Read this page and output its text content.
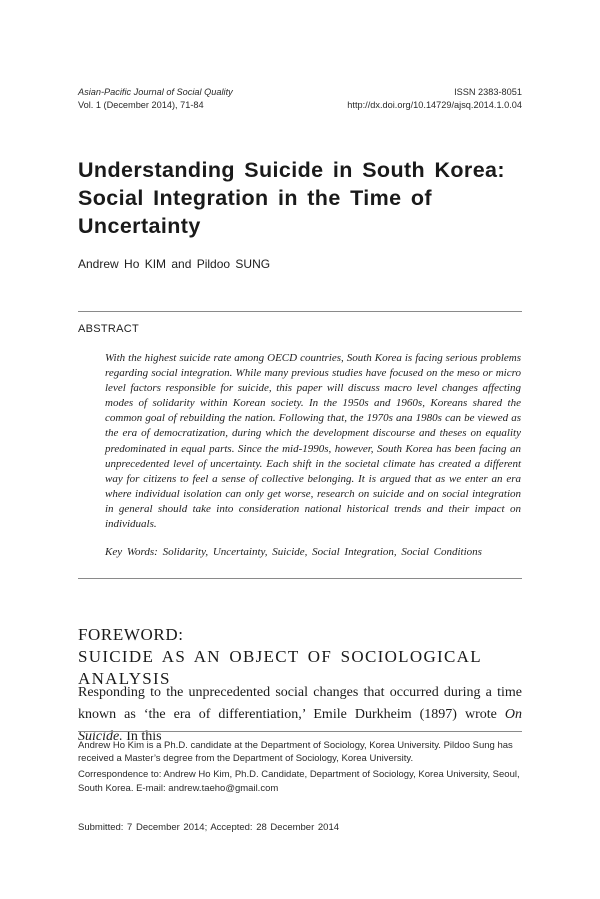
Asian-Pacific Journal of Social Quality
Vol. 1 (December 2014), 71-84
ISSN 2383-8051
http://dx.doi.org/10.14729/ajsq.2014.1.0.04
Understanding Suicide in South Korea:
Social Integration in the Time of
Uncertainty
Andrew Ho KIM and Pildoo SUNG
ABSTRACT
With the highest suicide rate among OECD countries, South Korea is facing serious problems regarding social integration. While many previous studies have focused on the meso or micro level factors responsible for suicide, this paper will discuss macro level changes affecting modes of solidarity within Korean society. In the 1950s and 1960s, Koreans shared the common goal of rebuilding the nation. Following that, the 1970s ana 1980s can be viewed as the era of democratization, during which the development discourse and theses on equality predominated in equal parts. Since the mid-1990s, however, South Korea has been facing an unprecedented level of uncertainty. Each shift in the societal climate has created a different way for citizens to feel a sense of collective belonging. It is argued that as we enter an era where individual isolation can only get worse, research on suicide and on social integration in general should take into consideration national historical trends and their impact on individuals.
Key Words: Solidarity, Uncertainty, Suicide, Social Integration, Social Conditions
FOREWORD:
SUICIDE AS AN OBJECT OF SOCIOLOGICAL ANALYSIS
Responding to the unprecedented social changes that occurred during a time known as ‘the era of differentiation,’ Emile Durkheim (1897) wrote On Suicide. In this

Andrew Ho Kim is a Ph.D. candidate at the Department of Sociology, Korea University. Pildoo Sung has received a Master’s degree from the Department of Sociology, Korea University.

Correspondence to: Andrew Ho Kim, Ph.D. Candidate, Department of Sociology, Korea University, Seoul, South Korea. E-mail: andrew.taeho@gmail.com

Submitted: 7 December 2014; Accepted: 28 December 2014
